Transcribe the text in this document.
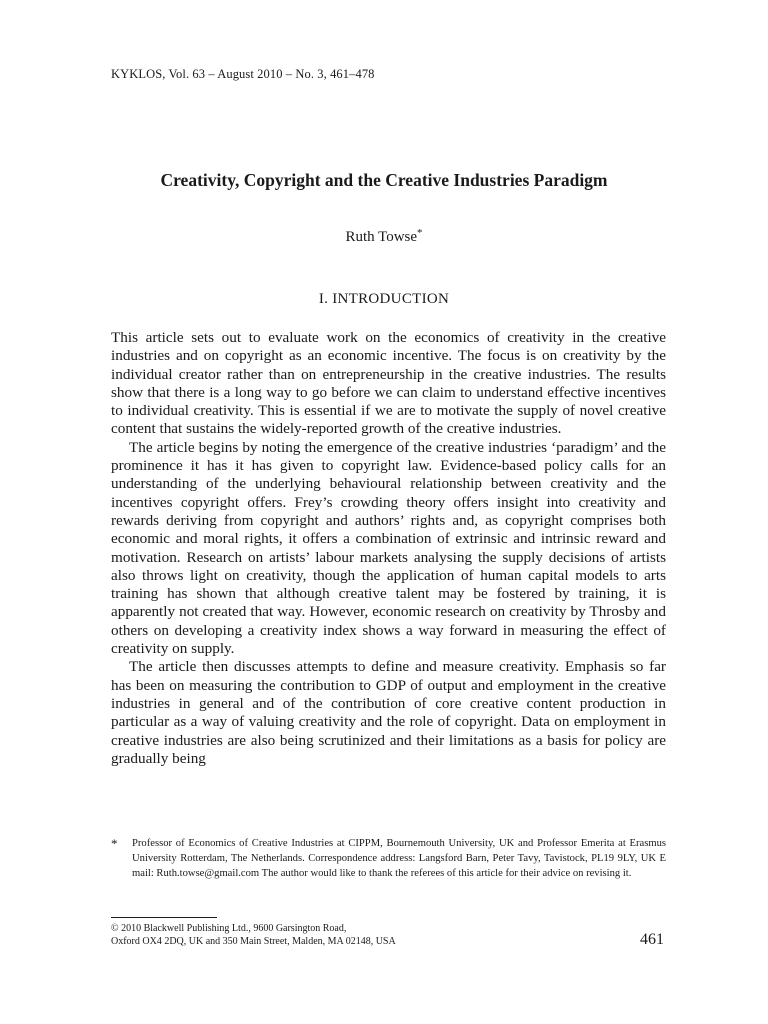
KYKLOS, Vol. 63 – August 2010 – No. 3, 461–478
Creativity, Copyright and the Creative Industries Paradigm
Ruth Towse*
I. INTRODUCTION

This article sets out to evaluate work on the economics of creativity in the creative industries and on copyright as an economic incentive. The focus is on creativity by the individual creator rather than on entrepreneurship in the creative industries. The results show that there is a long way to go before we can claim to understand effective incentives to individual creativity. This is essential if we are to motivate the supply of novel creative content that sustains the widely-reported growth of the creative industries.

The article begins by noting the emergence of the creative industries ‘paradigm’ and the prominence it has it has given to copyright law. Evidence-based policy calls for an understanding of the underlying behavioural relationship between creativity and the incentives copyright offers. Frey’s crowding theory offers insight into creativity and rewards deriving from copyright and authors’ rights and, as copyright comprises both economic and moral rights, it offers a combination of extrinsic and intrinsic reward and motivation. Research on artists’ labour markets analysing the supply decisions of artists also throws light on creativity, though the application of human capital models to arts training has shown that although creative talent may be fostered by training, it is apparently not created that way. However, economic research on creativity by Throsby and others on developing a creativity index shows a way forward in measuring the effect of creativity on supply.

The article then discusses attempts to define and measure creativity. Emphasis so far has been on measuring the contribution to GDP of output and employment in the creative industries in general and of the contribution of core creative content production in particular as a way of valuing creativity and the role of copyright. Data on employment in creative industries are also being scrutinized and their limitations as a basis for policy are gradually being

* Professor of Economics of Creative Industries at CIPPM, Bournemouth University, UK and Professor Emerita at Erasmus University Rotterdam, The Netherlands. Correspondence address: Langsford Barn, Peter Tavy, Tavistock, PL19 9LY, UK E mail: Ruth.towse@gmail.com The author would like to thank the referees of this article for their advice on revising it.
© 2010 Blackwell Publishing Ltd., 9600 Garsington Road,
Oxford OX4 2DQ, UK and 350 Main Street, Malden, MA 02148, USA	461
